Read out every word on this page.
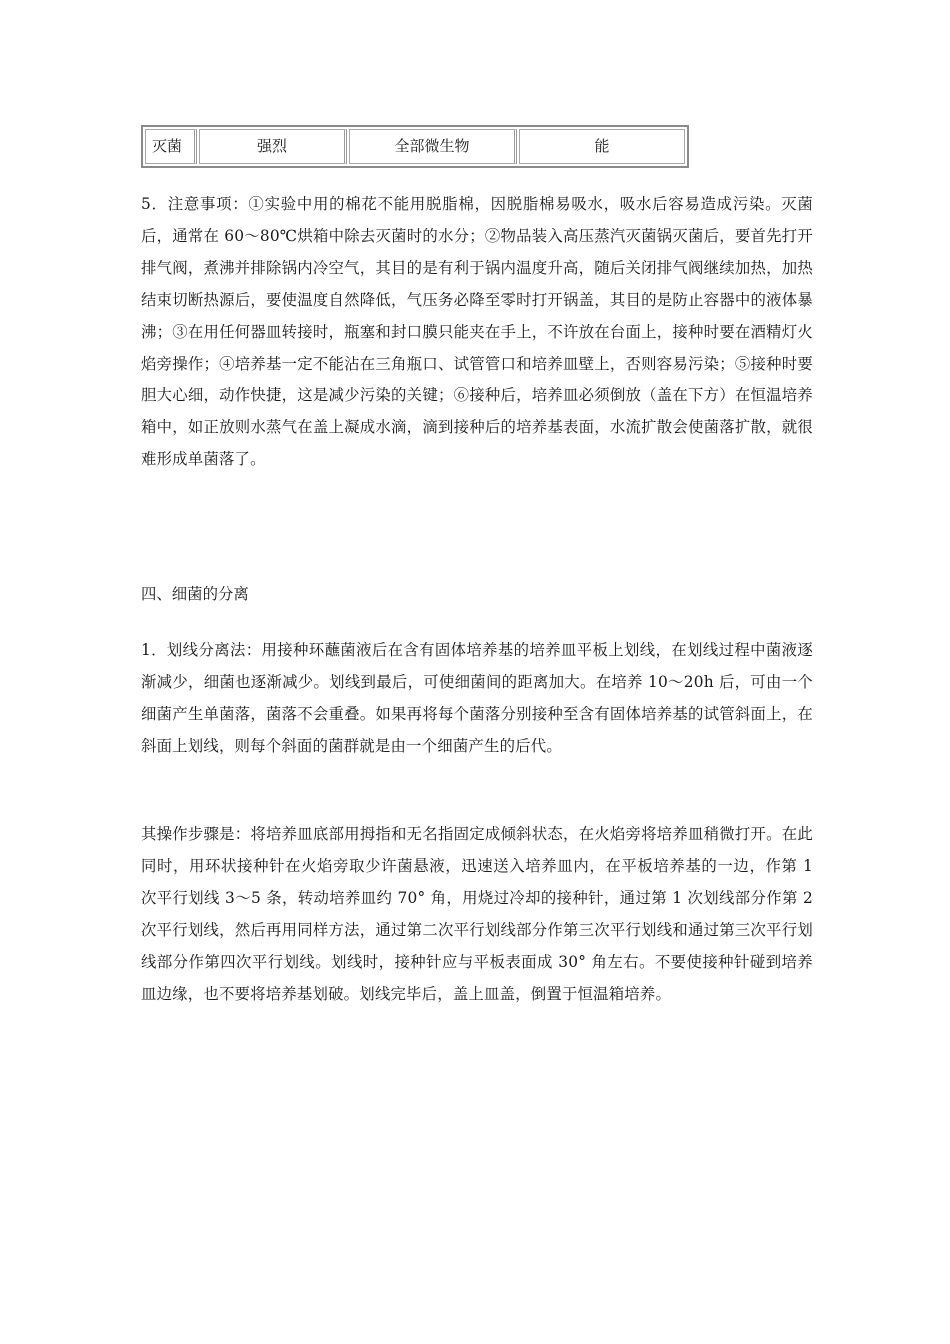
灭菌	强烈	全部微生物	能

5．注意事项：①实验中用的棉花不能用脱脂棉，因脱脂棉易吸水，吸水后容易造成污染。灭菌后，通常在 60～80℃烘箱中除去灭菌时的水分；②物品装入高压蒸汽灭菌锅灭菌后，要首先打开排气阀，煮沸并排除锅内冷空气，其目的是有利于锅内温度升高，随后关闭排气阀继续加热，加热结束切断热源后，要使温度自然降低，气压务必降至零时打开锅盖，其目的是防止容器中的液体暴沸；③在用任何器皿转接时，瓶塞和封口膜只能夹在手上，不许放在台面上，接种时要在酒精灯火焰旁操作；④培养基一定不能沾在三角瓶口、试管管口和培养皿壁上，否则容易污染；⑤接种时要胆大心细，动作快捷，这是减少污染的关键；⑥接种后，培养皿必须倒放（盖在下方）在恒温培养箱中，如正放则水蒸气在盖上凝成水滴，滴到接种后的培养基表面，水流扩散会使菌落扩散，就很难形成单菌落了。

四、细菌的分离

1．划线分离法：用接种环蘸菌液后在含有固体培养基的培养皿平板上划线，在划线过程中菌液逐渐减少，细菌也逐渐减少。划线到最后，可使细菌间的距离加大。在培养 10～20h 后，可由一个细菌产生单菌落，菌落不会重叠。如果再将每个菌落分别接种至含有固体培养基的试管斜面上，在斜面上划线，则每个斜面的菌群就是由一个细菌产生的后代。

其操作步骤是：将培养皿底部用拇指和无名指固定成倾斜状态，在火焰旁将培养皿稍微打开。在此同时，用环状接种针在火焰旁取少许菌悬液，迅速送入培养皿内，在平板培养基的一边，作第 1 次平行划线 3～5 条，转动培养皿约 70° 角，用烧过冷却的接种针，通过第 1 次划线部分作第 2 次平行划线，然后再用同样方法，通过第二次平行划线部分作第三次平行划线和通过第三次平行划线部分作第四次平行划线。划线时，接种针应与平板表面成 30° 角左右。不要使接种针碰到培养皿边缘，也不要将培养基划破。划线完毕后，盖上皿盖，倒置于恒温箱培养。
